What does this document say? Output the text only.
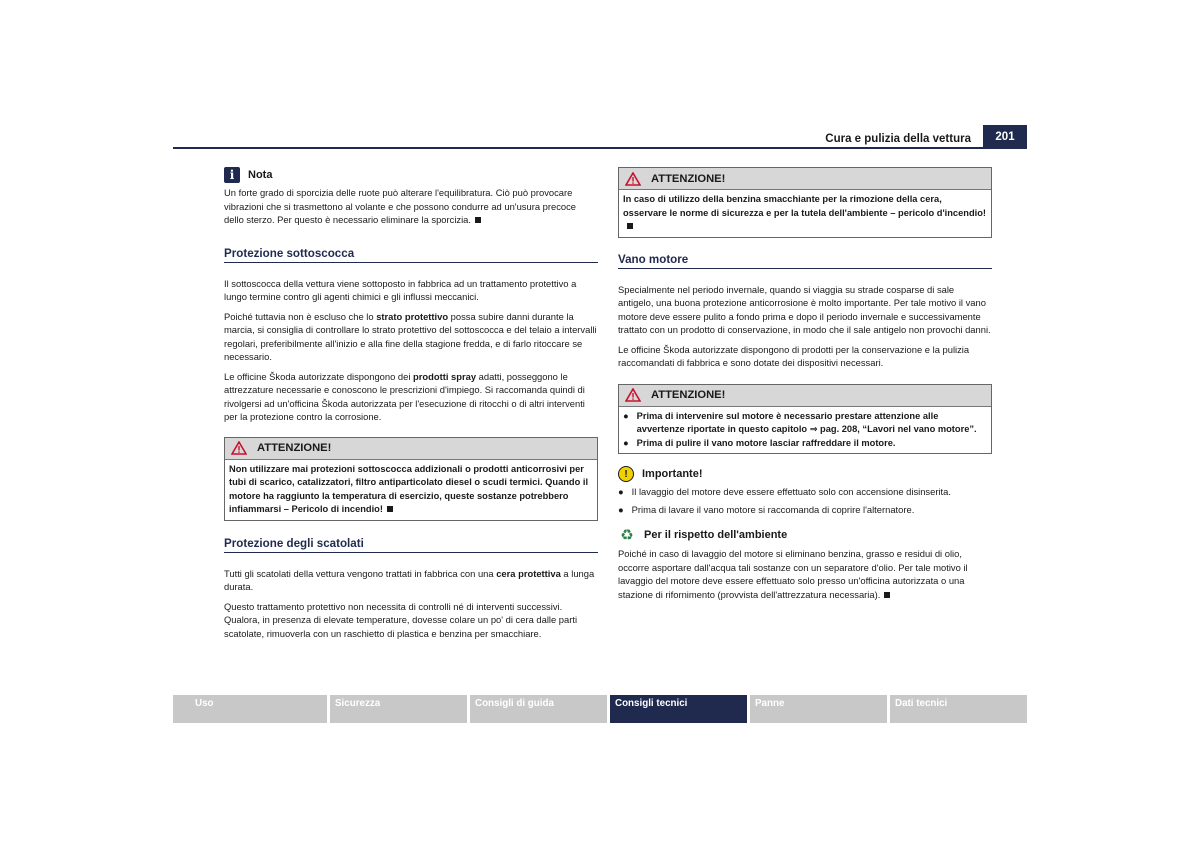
Cura e pulizia della vettura	201
i	Nota

Un forte grado di sporcizia delle ruote può alterare l'equilibratura. Ciò può provocare vibrazioni che si trasmettono al volante e che possono condurre ad un'usura precoce dello sterzo. Per questo è necessario eliminare la sporcizia.

Protezione sottoscocca

Il sottoscocca della vettura viene sottoposto in fabbrica ad un trattamento protettivo a lungo termine contro gli agenti chimici e gli influssi meccanici.

Poiché tuttavia non è escluso che lo strato protettivo possa subire danni durante la marcia, si consiglia di controllare lo strato protettivo del sottoscocca e del telaio a intervalli regolari, preferibilmente all'inizio e alla fine della stagione fredda, e di farlo ritoccare se necessario.

Le officine Škoda autorizzate dispongono dei prodotti spray adatti, posseggono le attrezzature necessarie e conoscono le prescrizioni d'impiego. Si raccomanda quindi di rivolgersi ad un'officina Škoda autorizzata per l'esecuzione di ritocchi o di altri interventi per la protezione contro la corrosione.

ATTENZIONE!
Non utilizzare mai protezioni sottoscocca addizionali o prodotti anticorrosivi per tubi di scarico, catalizzatori, filtro antiparticolato diesel o scudi termici. Quando il motore ha raggiunto la temperatura di esercizio, queste sostanze potrebbero infiammarsi – Pericolo di incendio!
Protezione degli scatolati

Tutti gli scatolati della vettura vengono trattati in fabbrica con una cera protettiva a lunga durata.

Questo trattamento protettivo non necessita di controlli né di interventi successivi. Qualora, in presenza di elevate temperature, dovesse colare un po' di cera dalle parti scatolate, rimuoverla con un raschietto di plastica e benzina per smacchiare.

ATTENZIONE!
In caso di utilizzo della benzina smacchiante per la rimozione della cera, osservare le norme di sicurezza e per la tutela dell'ambiente – pericolo d'incendio!
Vano motore

Specialmente nel periodo invernale, quando si viaggia su strade cosparse di sale antigelo, una buona protezione anticorrosione è molto importante. Per tale motivo il vano motore deve essere pulito a fondo prima e dopo il periodo invernale e successivamente trattato con un prodotto di conservazione, in modo che il sale antigelo non provochi danni.

Le officine Škoda autorizzate dispongono di prodotti per la conservazione e la pulizia raccomandati di fabbrica e sono dotate dei dispositivi necessari.

ATTENZIONE!
● Prima di intervenire sul motore è necessario prestare attenzione alle avvertenze riportate in questo capitolo ⇒ pag. 208, “Lavori nel vano motore”.
● Prima di pulire il vano motore lasciar raffreddare il motore.
!	Importante!
● Il lavaggio del motore deve essere effettuato solo con accensione disinserita.
● Prima di lavare il vano motore si raccomanda di coprire l'alternatore.
♻ Per il rispetto dell'ambiente

Poiché in caso di lavaggio del motore si eliminano benzina, grasso e residui di olio, occorre asportare dall'acqua tali sostanze con un separatore d'olio. Per tale motivo il lavaggio del motore deve essere effettuato solo presso un'officina autorizzata o una stazione di rifornimento (provvista dell'attrezzatura necessaria).

Uso	Sicurezza	Consigli di guida	Consigli tecnici	Panne	Dati tecnici
